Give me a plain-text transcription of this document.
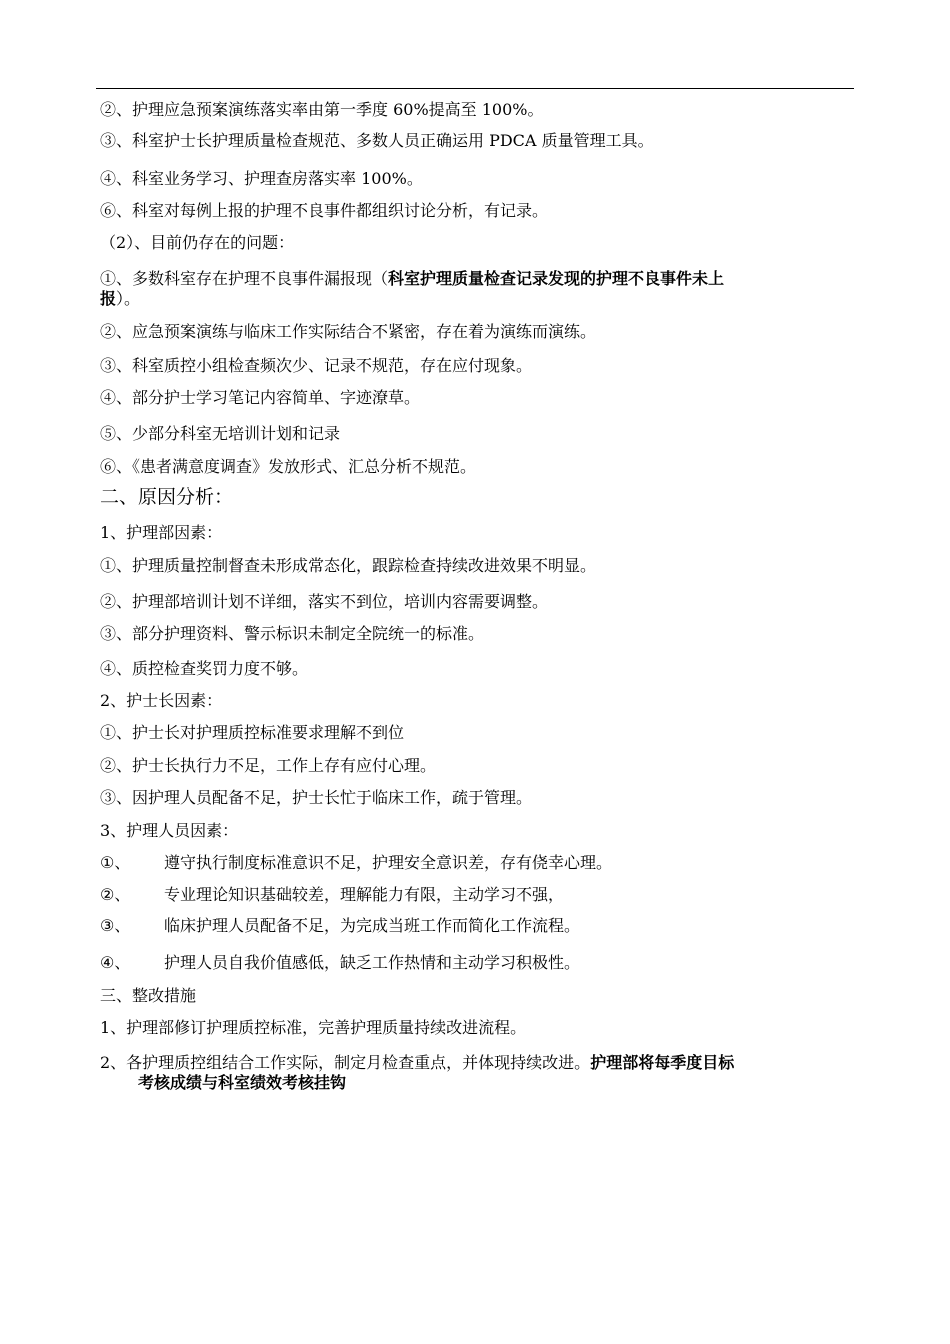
②、护理应急预案演练落实率由第一季度 60%提高至 100%。
③、科室护士长护理质量检查规范、多数人员正确运用 PDCA 质量管理工具。
④、科室业务学习、护理查房落实率 100%。
⑥、科室对每例上报的护理不良事件都组织讨论分析，有记录。
（2）、目前仍存在的问题：
①、多数科室存在护理不良事件漏报现（科室护理质量检查记录发现的护理不良事件未上
报）。
②、应急预案演练与临床工作实际结合不紧密，存在着为演练而演练。
③、科室质控小组检查频次少、记录不规范，存在应付现象。
④、部分护士学习笔记内容简单、字迹潦草。
⑤、少部分科室无培训计划和记录
⑥、《患者满意度调查》发放形式、汇总分析不规范。
二、原因分析：
1、护理部因素：
①、护理质量控制督查未形成常态化，跟踪检查持续改进效果不明显。
②、护理部培训计划不详细，落实不到位，培训内容需要调整。
③、部分护理资料、警示标识未制定全院统一的标准。
④、质控检查奖罚力度不够。
2、护士长因素：
①、护士长对护理质控标准要求理解不到位
②、护士长执行力不足，工作上存有应付心理。
③、因护理人员配备不足，护士长忙于临床工作，疏于管理。
3、护理人员因素：
①、 遵守执行制度标准意识不足，护理安全意识差，存有侥幸心理。
②、 专业理论知识基础较差，理解能力有限，主动学习不强，
③、 临床护理人员配备不足，为完成当班工作而简化工作流程。
④、 护理人员自我价值感低，缺乏工作热情和主动学习积极性。
三、整改措施
1、护理部修订护理质控标准，完善护理质量持续改进流程。
2、各护理质控组结合工作实际，制定月检查重点，并体现持续改进。护理部将每季度目标
考核成绩与科室绩效考核挂钩
